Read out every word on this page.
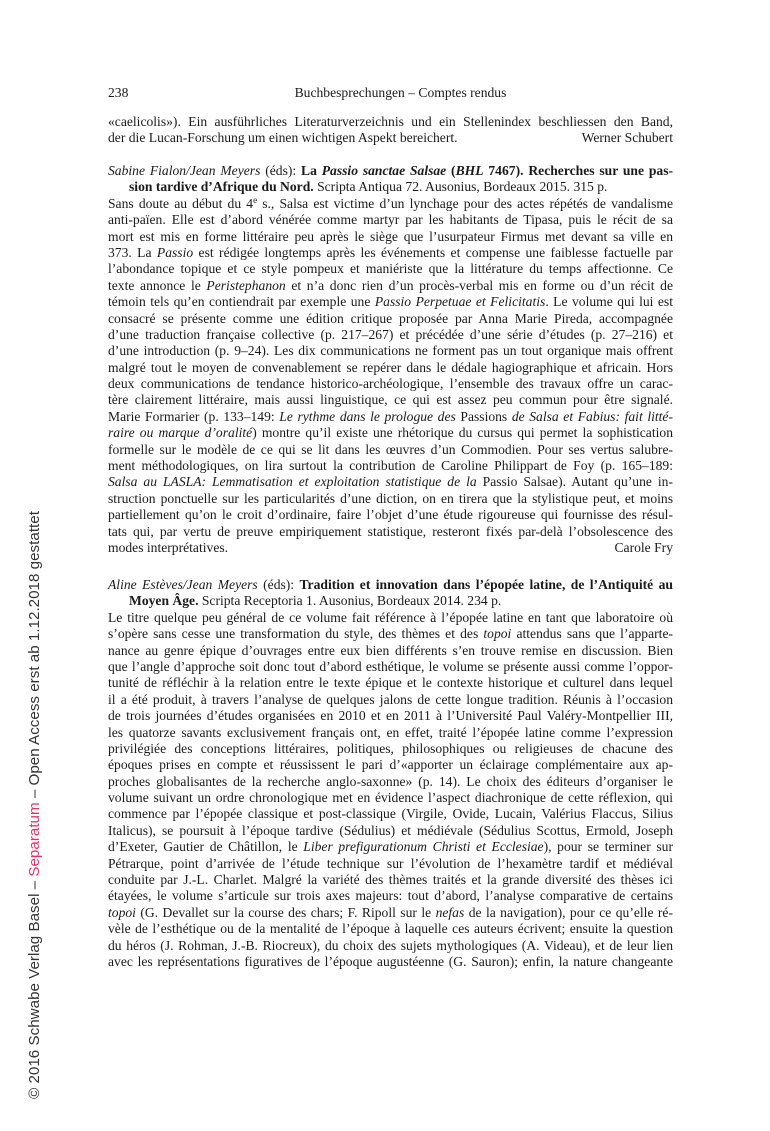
238	Buchbesprechungen – Comptes rendus
«caelicolis»). Ein ausführliches Literaturverzeichnis und ein Stellenindex beschliessen den Band,
der die Lucan-Forschung um einen wichtigen Aspekt bereichert.	Werner Schubert
Sabine Fialon/Jean Meyers (éds): La Passio sanctae Salsae (BHL 7467). Recherches sur une pas-
sion tardive d’Afrique du Nord. Scripta Antiqua 72. Ausonius, Bordeaux 2015. 315 p.
Sans doute au début du 4e s., Salsa est victime d’un lynchage pour des actes répétés de vandalisme
anti-païen. Elle est d’abord vénérée comme martyr par les habitants de Tipasa, puis le récit de sa
mort est mis en forme littéraire peu après le siège que l’usurpateur Firmus met devant sa ville en
373. La Passio est rédigée longtemps après les événements et compense une faiblesse factuelle par
l’abondance topique et ce style pompeux et maniériste que la littérature du temps affectionne. Ce
texte annonce le Peristephanon et n’a donc rien d’un procès-verbal mis en forme ou d’un récit de
témoin tels qu’en contiendrait par exemple une Passio Perpetuae et Felicitatis. Le volume qui lui est
consacré se présente comme une édition critique proposée par Anna Marie Pireda, accompagnée
d’une traduction française collective (p. 217–267) et précédée d’une série d’études (p. 27–216) et
d’une introduction (p. 9–24). Les dix communications ne forment pas un tout organique mais offrent
malgré tout le moyen de convenablement se repérer dans le dédale hagiographique et africain. Hors
deux communications de tendance historico-archéologique, l’ensemble des travaux offre un carac-
tère clairement littéraire, mais aussi linguistique, ce qui est assez peu commun pour être signalé.
Marie Formarier (p. 133–149: Le rythme dans le prologue des Passions de Salsa et Fabius: fait litté-
raire ou marque d’oralité) montre qu’il existe une rhétorique du cursus qui permet la sophistication
formelle sur le modèle de ce qui se lit dans les œuvres d’un Commodien. Pour ses vertus salubre-
ment méthodologiques, on lira surtout la contribution de Caroline Philippart de Foy (p. 165–189:
Salsa au LASLA: Lemmatisation et exploitation statistique de la Passio Salsae). Autant qu’une in-
struction ponctuelle sur les particularités d’une diction, on en tirera que la stylistique peut, et moins
partiellement qu’on le croit d’ordinaire, faire l’objet d’une étude rigoureuse qui fournisse des résul-
tats qui, par vertu de preuve empiriquement statistique, resteront fixés par-delà l’obsolescence des
modes interprétatives.	Carole Fry
Aline Estèves/Jean Meyers (éds): Tradition et innovation dans l’épopée latine, de l’Antiquité au
Moyen Âge. Scripta Receptoria 1. Ausonius, Bordeaux 2014. 234 p.
Le titre quelque peu général de ce volume fait référence à l’épopée latine en tant que laboratoire où
s’opère sans cesse une transformation du style, des thèmes et des topoi attendus sans que l’apparte-
nance au genre épique d’ouvrages entre eux bien différents s’en trouve remise en discussion. Bien
que l’angle d’approche soit donc tout d’abord esthétique, le volume se présente aussi comme l’oppor-
tunité de réfléchir à la relation entre le texte épique et le contexte historique et culturel dans lequel
il a été produit, à travers l’analyse de quelques jalons de cette longue tradition. Réunis à l’occasion
de trois journées d’études organisées en 2010 et en 2011 à l’Université Paul Valéry-Montpellier III,
les quatorze savants exclusivement français ont, en effet, traité l’épopée latine comme l’expression
privilégiée des conceptions littéraires, politiques, philosophiques ou religieuses de chacune des
époques prises en compte et réussissent le pari d’«apporter un éclairage complémentaire aux ap-
proches globalisantes de la recherche anglo-saxonne» (p. 14). Le choix des éditeurs d’organiser le
volume suivant un ordre chronologique met en évidence l’aspect diachronique de cette réflexion, qui
commence par l’épopée classique et post-classique (Virgile, Ovide, Lucain, Valérius Flaccus, Silius
Italicus), se poursuit à l’époque tardive (Sédulius) et médiévale (Sédulius Scottus, Ermold, Joseph
d’Exeter, Gautier de Châtillon, le Liber prefigurationum Christi et Ecclesiae), pour se terminer sur
Pétrarque, point d’arrivée de l’étude technique sur l’évolution de l’hexamètre tardif et médiéval
conduite par J.-L. Charlet. Malgré la variété des thèmes traités et la grande diversité des thèses ici
étayées, le volume s’articule sur trois axes majeurs: tout d’abord, l’analyse comparative de certains
topoi (G. Devallet sur la course des chars; F. Ripoll sur le nefas de la navigation), pour ce qu’elle ré-
vèle de l’esthétique ou de la mentalité de l’époque à laquelle ces auteurs écrivent; ensuite la question
du héros (J. Rohman, J.-B. Riocreux), du choix des sujets mythologiques (A. Videau), et de leur lien
avec les représentations figuratives de l’époque augustéenne (G. Sauron); enfin, la nature changeante
© 2016 Schwabe Verlag Basel – Separatum – Open Access erst ab 1.12.2018 gestattet
